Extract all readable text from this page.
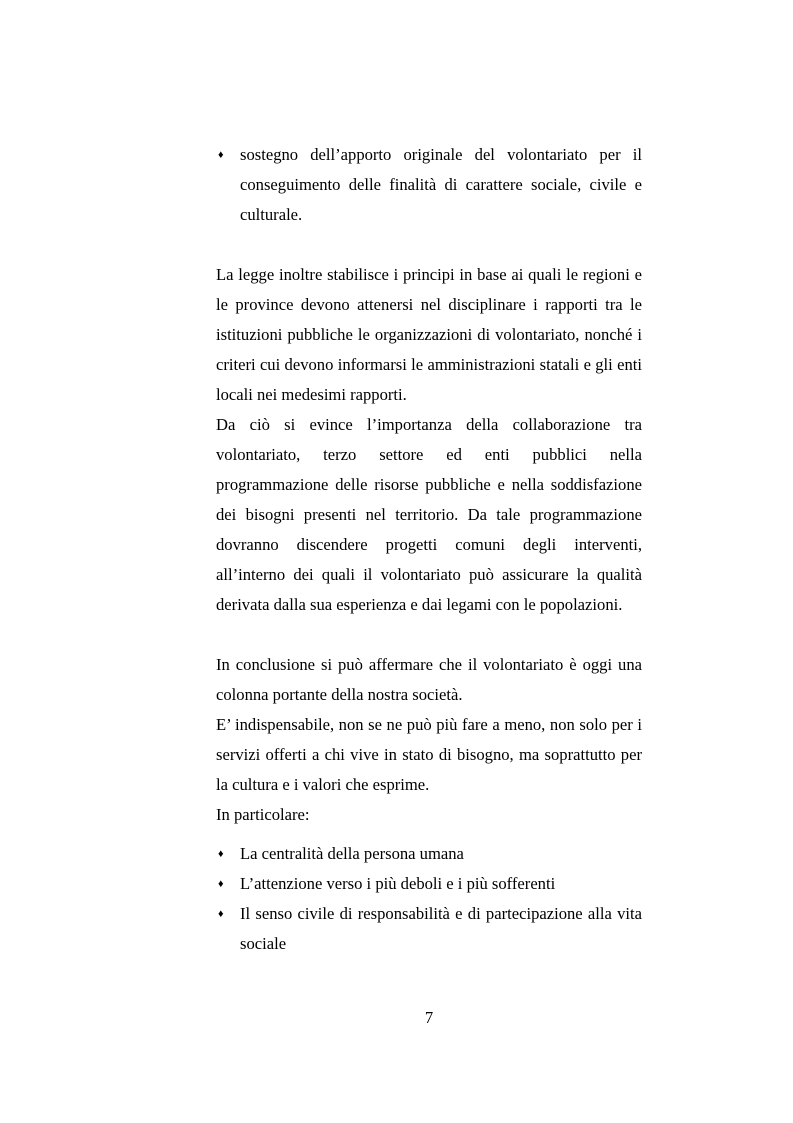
♦ sostegno dell’apporto originale del volontariato per il conseguimento delle finalità di carattere sociale, civile e culturale.

La legge inoltre stabilisce i principi in base ai quali le regioni e le province devono attenersi nel disciplinare i rapporti tra le istituzioni pubbliche le organizzazioni di volontariato, nonché i criteri cui devono informarsi le amministrazioni statali e gli enti locali nei medesimi rapporti.

Da ciò si evince l’importanza della collaborazione tra volontariato, terzo settore ed enti pubblici nella programmazione delle risorse pubbliche e nella soddisfazione dei bisogni presenti nel territorio. Da tale programmazione dovranno discendere progetti comuni degli interventi, all’interno dei quali il volontariato può assicurare la qualità derivata dalla sua esperienza e dai legami con le popolazioni.

In conclusione si può affermare che il volontariato è oggi una colonna portante della nostra società.

E’ indispensabile, non se ne può più fare a meno, non solo per i servizi offerti a chi vive in stato di bisogno, ma soprattutto per la cultura e i valori che esprime.

In particolare:

♦ La centralità della persona umana
♦ L’attenzione verso i più deboli e i più sofferenti
♦ Il senso civile di responsabilità e di partecipazione alla vita sociale
7
